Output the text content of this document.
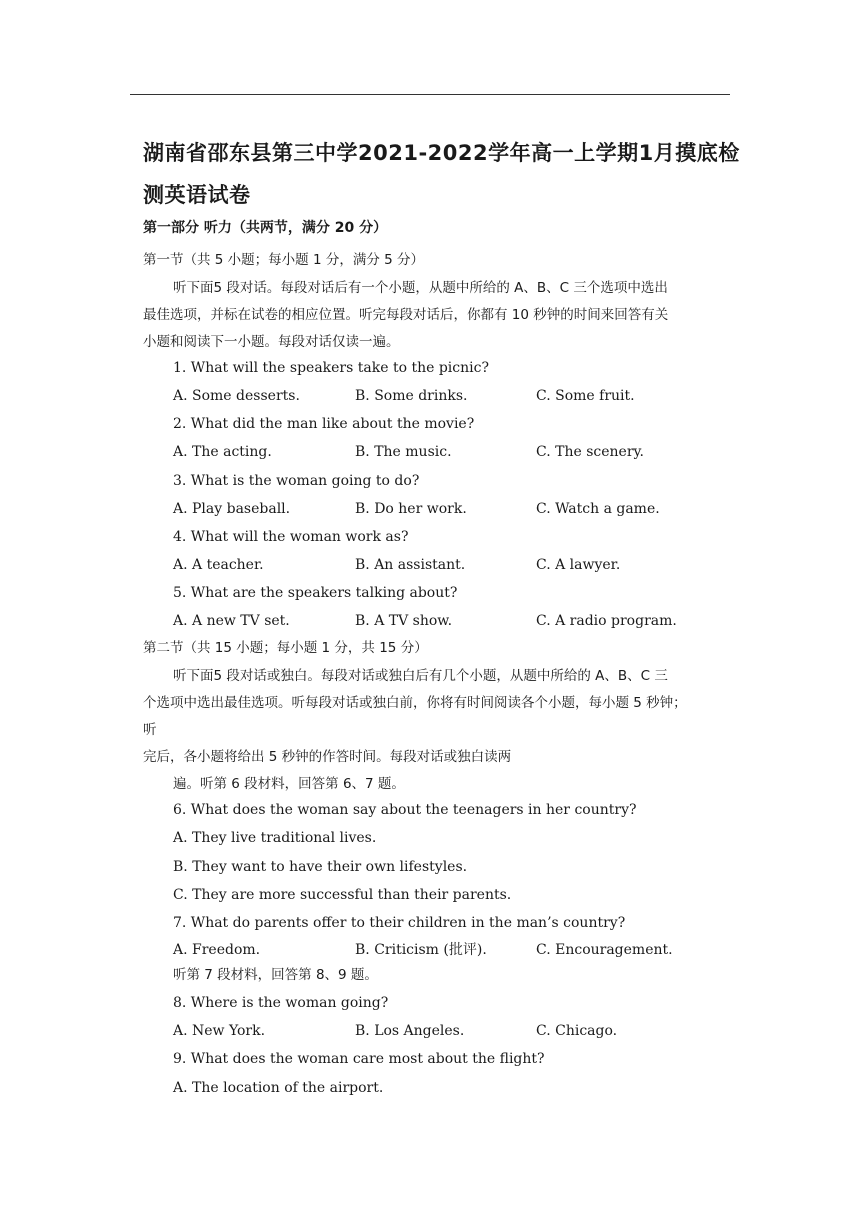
湖南省邵东县第三中学2021-2022学年高一上学期1月摸底检测英语试卷
第一部分 听力（共两节，满分 20 分）
第一节（共 5 小题；每小题 1 分，满分 5 分）
听下面5 段对话。每段对话后有一个小题，从题中所给的 A、B、C 三个选项中选出
最佳选项，并标在试卷的相应位置。听完每段对话后，你都有 10 秒钟的时间来回答有关
小题和阅读下一小题。每段对话仅读一遍。
1. What will the speakers take to the picnic?
A. Some desserts.	B. Some drinks.	C. Some fruit.
2. What did the man like about the movie?
A. The acting.	B. The music.	C. The scenery.
3. What is the woman going to do?
A. Play baseball.	B. Do her work.	C. Watch a game.
4. What will the woman work as?
A. A teacher.	B. An assistant.	C. A lawyer.
5. What are the speakers talking about?
A. A new TV set.	B. A TV show.	C. A radio program.
第二节（共 15 小题；每小题 1 分，共 15 分）
听下面5 段对话或独白。每段对话或独白后有几个小题，从题中所给的 A、B、C 三
个选项中选出最佳选项。听每段对话或独白前，你将有时间阅读各个小题，每小题 5 秒钟；
听
完后，各小题将给出 5 秒钟的作答时间。每段对话或独白读两
遍。听第 6 段材料，回答第 6、7 题。
6. What does the woman say about the teenagers in her country?
A. They live traditional lives.
B. They want to have their own lifestyles.
C. They are more successful than their parents.
7. What do parents offer to their children in the man’s country?
A. Freedom.	B. Criticism (批评).	C. Encouragement.
听第 7 段材料，回答第 8、9 题。
8. Where is the woman going?
A. New York.	B. Los Angeles.	C. Chicago.
9. What does the woman care most about the flight?
A. The location of the airport.
